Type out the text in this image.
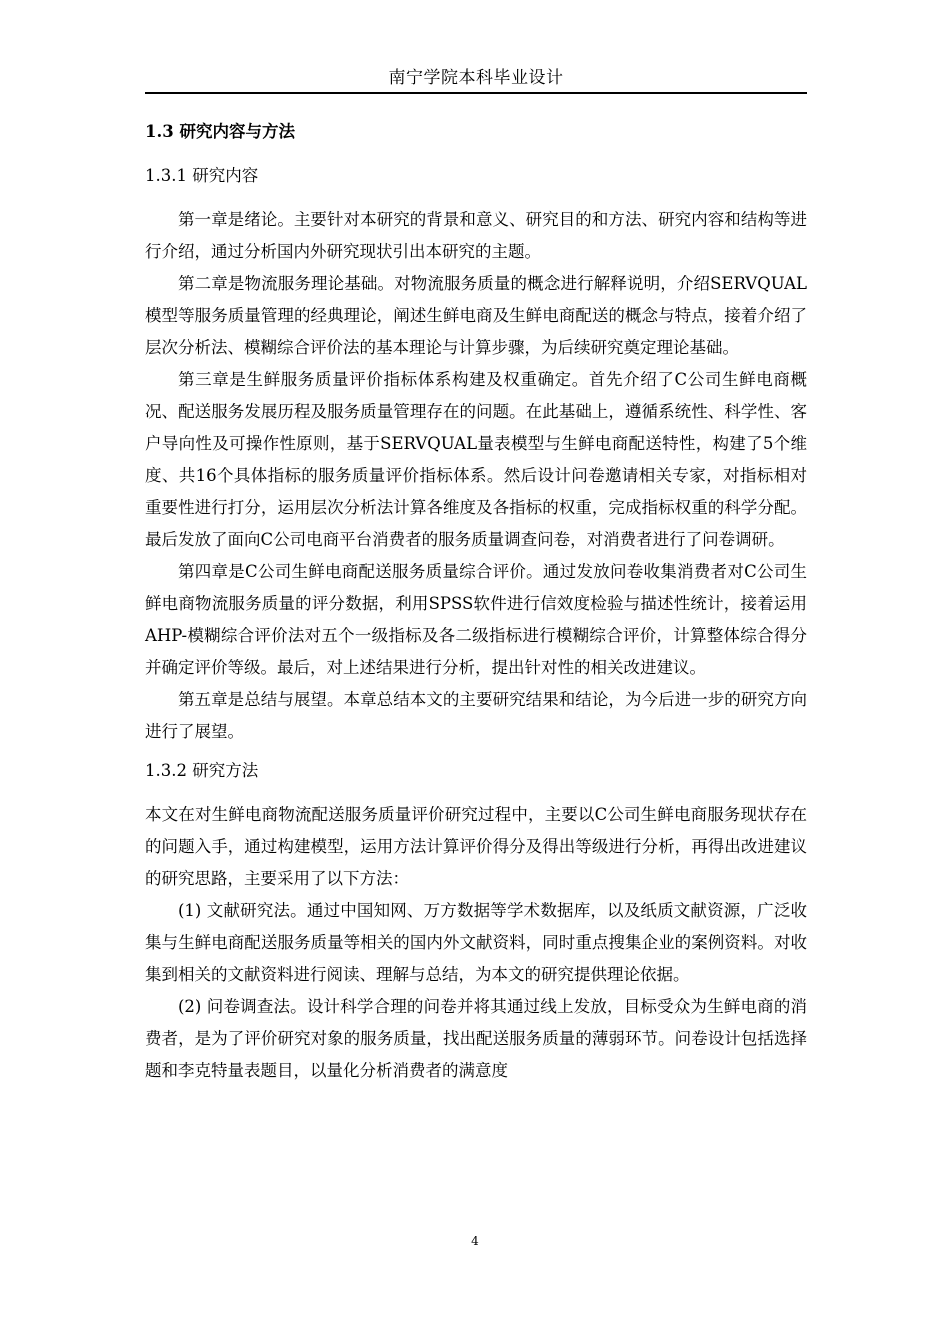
南宁学院本科毕业设计
1.3 研究内容与方法
1.3.1 研究内容

第一章是绪论。主要针对本研究的背景和意义、研究目的和方法、研究内容和结构等进行介绍，通过分析国内外研究现状引出本研究的主题。

第二章是物流服务理论基础。对物流服务质量的概念进行解释说明，介绍SERVQUAL模型等服务质量管理的经典理论，阐述生鲜电商及生鲜电商配送的概念与特点，接着介绍了层次分析法、模糊综合评价法的基本理论与计算步骤，为后续研究奠定理论基础。

第三章是生鲜服务质量评价指标体系构建及权重确定。首先介绍了C公司生鲜电商概况、配送服务发展历程及服务质量管理存在的问题。在此基础上，遵循系统性、科学性、客户导向性及可操作性原则，基于SERVQUAL量表模型与生鲜电商配送特性，构建了5个维度、共16个具体指标的服务质量评价指标体系。然后设计问卷邀请相关专家，对指标相对重要性进行打分，运用层次分析法计算各维度及各指标的权重，完成指标权重的科学分配。最后发放了面向C公司电商平台消费者的服务质量调查问卷，对消费者进行了问卷调研。

第四章是C公司生鲜电商配送服务质量综合评价。通过发放问卷收集消费者对C公司生鲜电商物流服务质量的评分数据，利用SPSS软件进行信效度检验与描述性统计，接着运用AHP-模糊综合评价法对五个一级指标及各二级指标进行模糊综合评价，计算整体综合得分并确定评价等级。最后，对上述结果进行分析，提出针对性的相关改进建议。

第五章是总结与展望。本章总结本文的主要研究结果和结论，为今后进一步的研究方向进行了展望。

1.3.2 研究方法

本文在对生鲜电商物流配送服务质量评价研究过程中，主要以C公司生鲜电商服务现状存在的问题入手，通过构建模型，运用方法计算评价得分及得出等级进行分析，再得出改进建议的研究思路，主要采用了以下方法：

(1) 文献研究法。通过中国知网、万方数据等学术数据库，以及纸质文献资源，广泛收集与生鲜电商配送服务质量等相关的国内外文献资料，同时重点搜集企业的案例资料。对收集到相关的文献资料进行阅读、理解与总结，为本文的研究提供理论依据。

(2) 问卷调查法。设计科学合理的问卷并将其通过线上发放，目标受众为生鲜电商的消费者，是为了评价研究对象的服务质量，找出配送服务质量的薄弱环节。问卷设计包括选择题和李克特量表题目，以量化分析消费者的满意度

4
